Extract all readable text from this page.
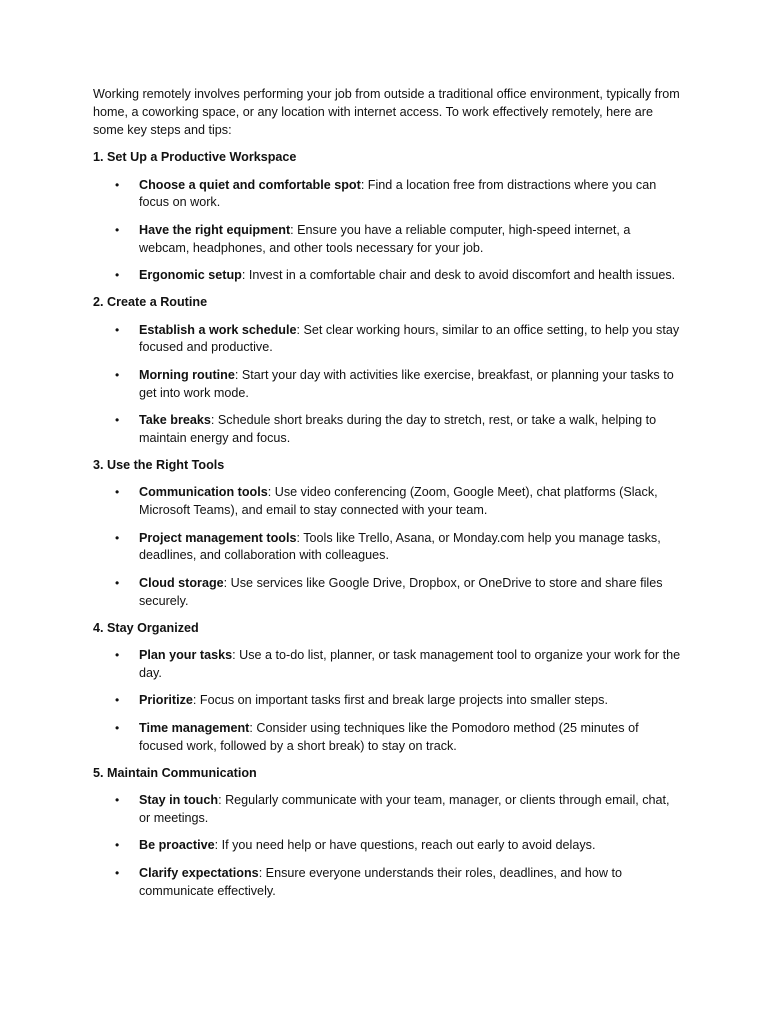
Working remotely involves performing your job from outside a traditional office environment, typically from home, a coworking space, or any location with internet access. To work effectively remotely, here are some key steps and tips:

1. Set Up a Productive Workspace

• Choose a quiet and comfortable spot: Find a location free from distractions where you can focus on work.
• Have the right equipment: Ensure you have a reliable computer, high-speed internet, a webcam, headphones, and other tools necessary for your job.
• Ergonomic setup: Invest in a comfortable chair and desk to avoid discomfort and health issues.

2. Create a Routine

• Establish a work schedule: Set clear working hours, similar to an office setting, to help you stay focused and productive.
• Morning routine: Start your day with activities like exercise, breakfast, or planning your tasks to get into work mode.
• Take breaks: Schedule short breaks during the day to stretch, rest, or take a walk, helping to maintain energy and focus.

3. Use the Right Tools

• Communication tools: Use video conferencing (Zoom, Google Meet), chat platforms (Slack, Microsoft Teams), and email to stay connected with your team.
• Project management tools: Tools like Trello, Asana, or Monday.com help you manage tasks, deadlines, and collaboration with colleagues.
• Cloud storage: Use services like Google Drive, Dropbox, or OneDrive to store and share files securely.

4. Stay Organized

• Plan your tasks: Use a to-do list, planner, or task management tool to organize your work for the day.
• Prioritize: Focus on important tasks first and break large projects into smaller steps.
• Time management: Consider using techniques like the Pomodoro method (25 minutes of focused work, followed by a short break) to stay on track.

5. Maintain Communication

• Stay in touch: Regularly communicate with your team, manager, or clients through email, chat, or meetings.
• Be proactive: If you need help or have questions, reach out early to avoid delays.
• Clarify expectations: Ensure everyone understands their roles, deadlines, and how to communicate effectively.
